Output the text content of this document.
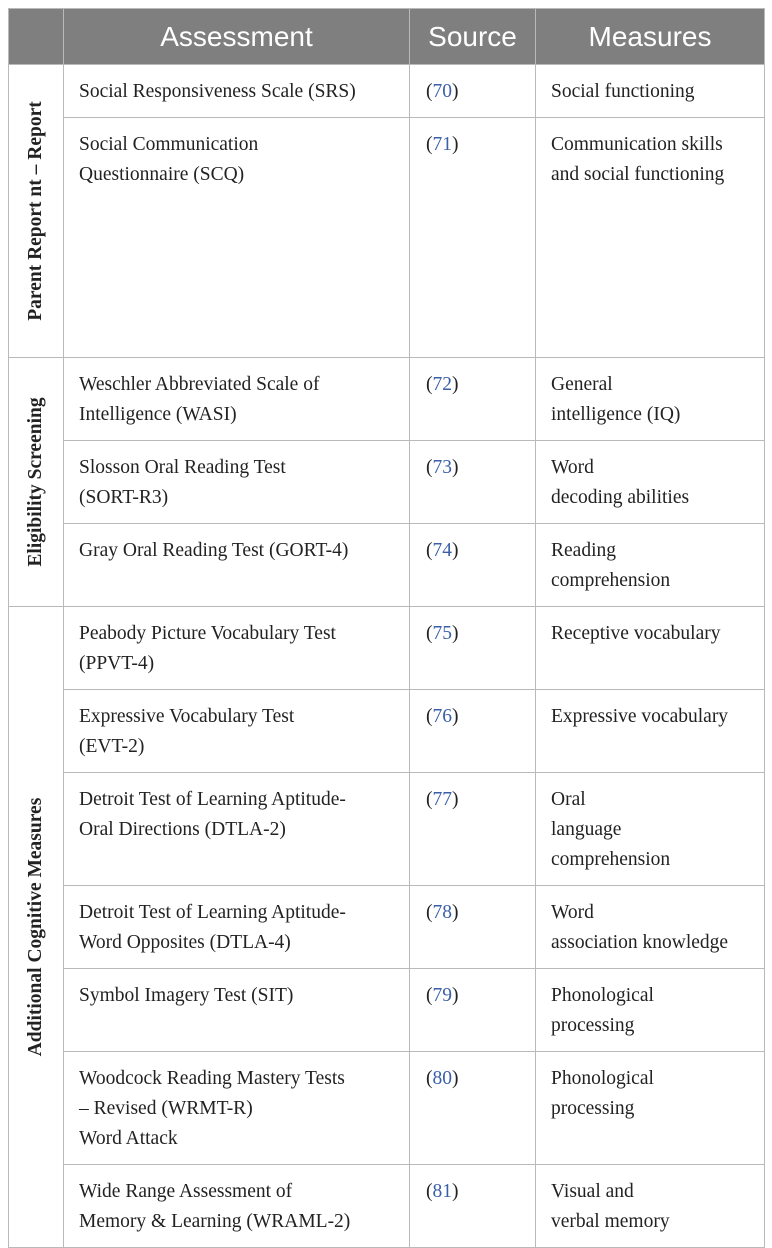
	Assessment	Source	Measures

Parent Report nt – Report	Social Responsiveness Scale (SRS)	(70)	Social functioning

	Social Communication
Questionnaire (SCQ)	(71)	Communication skills
and social functioning

Eligibility Screening	Weschler Abbreviated Scale of
Intelligence (WASI)	(72)	General
intelligence (IQ)

	Slosson Oral Reading Test
(SORT-R3)	(73)	Word
decoding abilities

	Gray Oral Reading Test (GORT-4)	(74)	Reading
comprehension

Additional Cognitive Measures	Peabody Picture Vocabulary Test
(PPVT-4)	(75)	Receptive vocabulary

	Expressive Vocabulary Test
(EVT-2)	(76)	Expressive vocabulary

	Detroit Test of Learning Aptitude-
Oral Directions (DTLA-2)	(77)	Oral
language
comprehension

	Detroit Test of Learning Aptitude-
Word Opposites (DTLA-4)	(78)	Word
association knowledge

	Symbol Imagery Test (SIT)	(79)	Phonological
processing

	Woodcock Reading Mastery Tests
– Revised (WRMT-R)
Word Attack	(80)	Phonological
processing

	Wide Range Assessment of
Memory & Learning (WRAML-2)	(81)	Visual and
verbal memory
